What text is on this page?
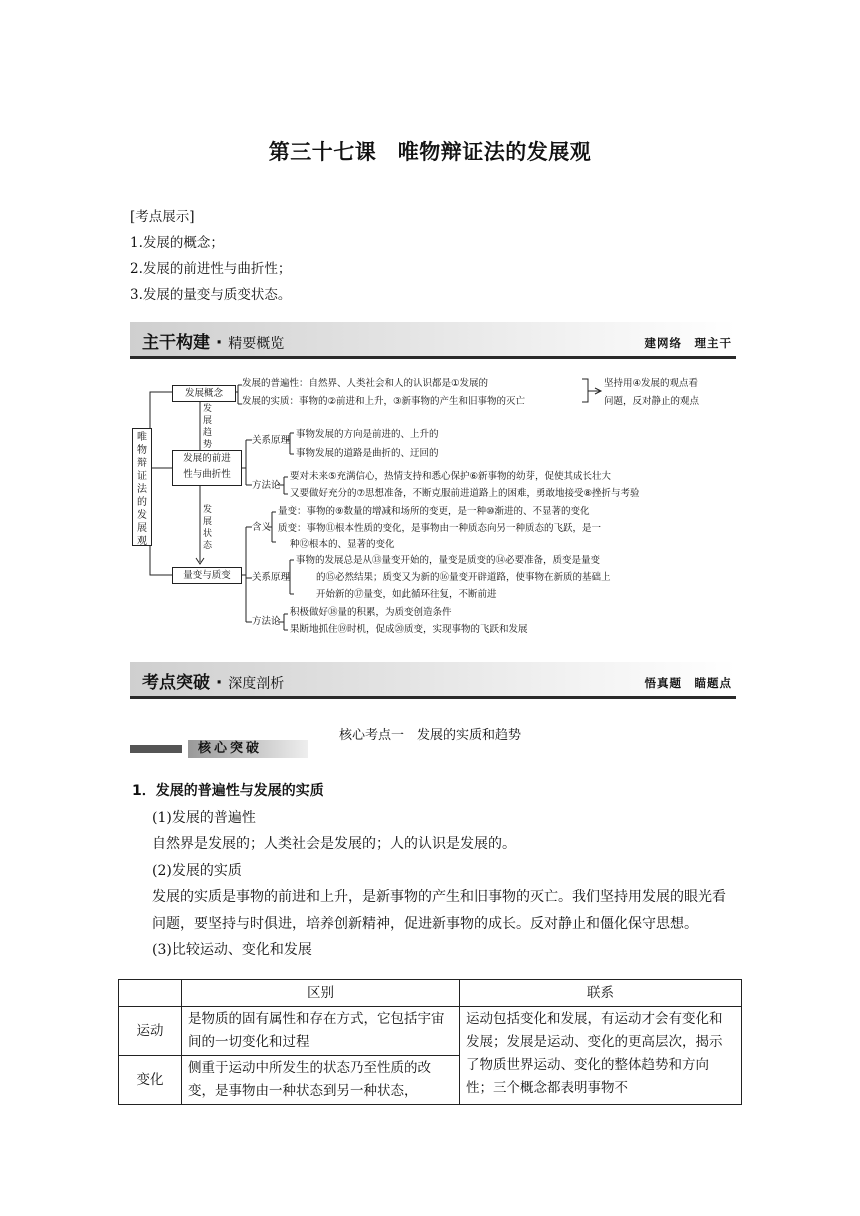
第三十七课　唯物辩证法的发展观
[考点展示]
1.发展的概念；
2.发展的前进性与曲折性；
3.发展的量变与质变状态。
主干构建 · 精要概览	建网络　理主干
唯物辩证法的发展观
发展概念
发展的普遍性：自然界、人类社会和人的认识都是①发展的
发展的实质：事物的②前进和上升，③新事物的产生和旧事物的灭亡
坚持用④发展的观点看
问题，反对静止的观点
发展趋势
发展的前进
性与曲折性
关系原理
事物发展的方向是前进的、上升的
事物发展的道路是曲折的、迂回的
方法论
要对未来⑤充满信心，热情支持和悉心保护⑥新事物的幼芽，促使其成长壮大
又要做好充分的⑦思想准备，不断克服前进道路上的困难，勇敢地接受⑧挫折与考验
发展状态
量变与质变
含义
量变：事物的⑨数量的增减和场所的变更，是一种⑩渐进的、不显著的变化
质变：事物⑪根本性质的变化，是事物由一种质态向另一种质态的飞跃，是一
种⑫根本的、显著的变化
关系原理
事物的发展总是从⑬量变开始的，量变是质变的⑭必要准备，质变是量变
的⑮必然结果；质变又为新的⑯量变开辟道路，使事物在新质的基础上
开始新的⑰量变，如此循环往复，不断前进
方法论
积极做好⑱量的积累，为质变创造条件
果断地抓住⑲时机，促成⑳质变，实现事物的飞跃和发展
考点突破 · 深度剖析	悟真题　瞄题点
核心考点一　发展的实质和趋势
核心突破
1．发展的普遍性与发展的实质
(1)发展的普遍性
自然界是发展的；人类社会是发展的；人的认识是发展的。
(2)发展的实质
发展的实质是事物的前进和上升，是新事物的产生和旧事物的灭亡。我们坚持用发展的眼光看问题，要坚持与时俱进，培养创新精神，促进新事物的成长。反对静止和僵化保守思想。
(3)比较运动、变化和发展
	区别	联系
运动	是物质的固有属性和存在方式，它包括宇宙间的一切变化和过程	运动包括变化和发展，有运动才会有变化和发展；发展是运动、变化的更高层次，揭示了物质世界运动、变化的整体趋势和方向性；三个概念都表明事物不
变化	侧重于运动中所发生的状态乃至性质的改变，是事物由一种状态到另一种状态，	
